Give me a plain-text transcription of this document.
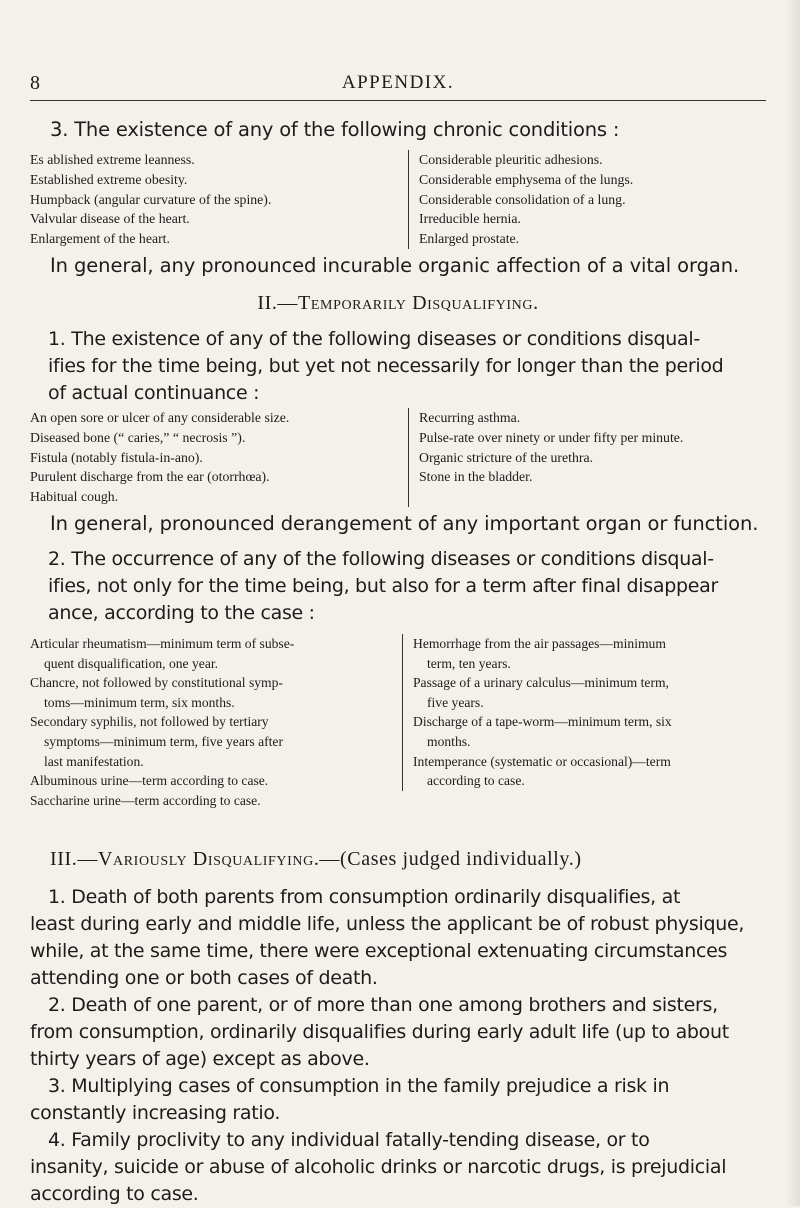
8	APPENDIX.
3. The existence of any of the following chronic conditions :
Es ablished extreme leanness.
Established extreme obesity.
Humpback (angular curvature of the spine).
Valvular disease of the heart.
Enlargement of the heart.
Considerable pleuritic adhesions.
Considerable emphysema of the lungs.
Considerable consolidation of a lung.
Irreducible hernia.
Enlarged prostate.
In general, any pronounced incurable organic affection of a vital organ.
II.—Temporarily Disqualifying.
1. The existence of any of the following diseases or conditions disqual-
ifies for the time being, but yet not necessarily for longer than the period
of actual continuance :
An open sore or ulcer of any considerable size.
Diseased bone (“ caries,” “ necrosis ”).
Fistula (notably fistula-in-ano).
Purulent discharge from the ear (otorrhœa).
Habitual cough.
Recurring asthma.
Pulse-rate over ninety or under fifty per minute.
Organic stricture of the urethra.
Stone in the bladder.
In general, pronounced derangement of any important organ or function.
2. The occurrence of any of the following diseases or conditions disqual-
ifies, not only for the time being, but also for a term after final disappear
ance, according to the case :
Articular rheumatism—minimum term of subse-
quent disqualification, one year.
Chancre, not followed by constitutional symp-
toms—minimum term, six months.
Secondary syphilis, not followed by tertiary
symptoms—minimum term, five years after
last manifestation.
Albuminous urine—term according to case.
Saccharine urine—term according to case.
Hemorrhage from the air passages—minimum
term, ten years.
Passage of a urinary calculus—minimum term,
five years.
Discharge of a tape-worm—minimum term, six
months.
Intemperance (systematic or occasional)—term
according to case.
III.—Variously Disqualifying.—(Cases judged individually.)
1. Death of both parents from consumption ordinarily disqualifies, at
least during early and middle life, unless the applicant be of robust physique,
while, at the same time, there were exceptional extenuating circumstances
attending one or both cases of death.
2. Death of one parent, or of more than one among brothers and sisters,
from consumption, ordinarily disqualifies during early adult life (up to about
thirty years of age) except as above.
3. Multiplying cases of consumption in the family prejudice a risk in
constantly increasing ratio.
4. Family proclivity to any individual fatally-tending disease, or to
insanity, suicide or abuse of alcoholic drinks or narcotic drugs, is prejudicial
according to case.
